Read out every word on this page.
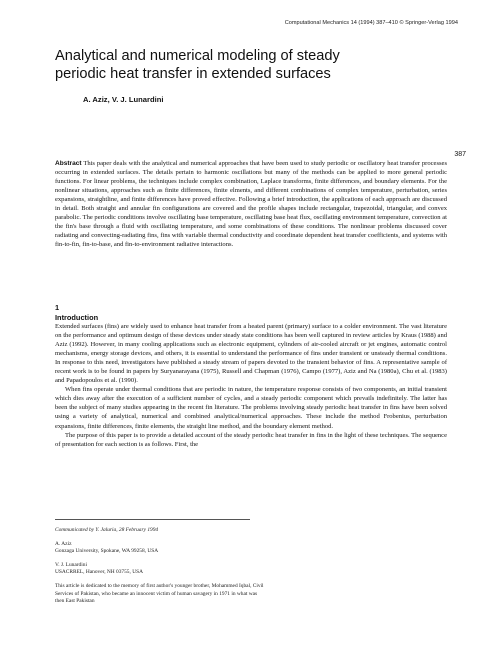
Computational Mechanics 14 (1994) 387–410 © Springer-Verlag 1994
Analytical and numerical modeling of steady periodic heat transfer in extended surfaces
A. Aziz, V. J. Lunardini
387

Abstract This paper deals with the analytical and numerical approaches that have been used to study periodic or oscillatory heat transfer processes occurring in extended surfaces. The details pertain to harmonic oscillations but many of the methods can be applied to more general periodic functions. For linear problems, the techniques include complex combination, Laplace transforms, finite differences, and boundary elements. For the nonlinear situations, approaches such as finite differences, finite elments, and different combinations of complex temperature, perturbation, series expansions, straightline, and finite differences have proved effective. Following a brief introduction, the applications of each approach are discussed in detail. Both straight and annular fin configurations are covered and the profile shapes include rectangular, trapezoidal, triangular, and convex parabolic. The periodic conditions involve oscillating base temperature, oscillating base heat flux, oscillating environment temperature, convection at the fin's base through a fluid with oscillating temperature, and some combinations of these conditions. The nonlinear problems discussed cover radiating and convecting-radiating fins, fins with variable thermal conductivity and coordinate dependent heat transfer coefficients, and systems with fin-to-fin, fin-to-base, and fin-to-environment radiative interactions.

1
Introduction

Extended surfaces (fins) are widely used to enhance heat transfer from a heated parent (primary) surface to a colder environment. The vast literature on the performance and optimum design of these devices under steady state conditions has been well captured in review articles by Kraus (1988) and Aziz (1992). However, in many cooling applications such as electronic equipment, cylinders of air-cooled aircraft or jet engines, automatic control mechanisms, energy storage devices, and others, it is essential to understand the performance of fins under transient or unsteady thermal conditions. In response to this need, investigators have published a steady stream of papers devoted to the transient behavior of fins. A representative sample of recent work is to be found in papers by Suryanarayana (1975), Russell and Chapman (1976), Campo (1977), Aziz and Na (1980a), Chu et al. (1983) and Papadopoulos et al. (1990).

When fins operate under thermal conditions that are periodic in nature, the temperature response consists of two components, an initial transient which dies away after the execution of a sufficient number of cycles, and a steady periodic component which prevails indefinitely. The latter has been the subject of many studies appearing in the recent fin literature. The problems involving steady periodic heat transfer in fins have been solved using a variety of analytical, numerical and combined analytical/numerical approaches. These include the method Frobenius, perturbation expansions, finite differences, finite elements, the straight line method, and the boundary element method.

The purpose of this paper is to provide a detailed account of the steady periodic heat transfer in fins in the light of these techniques. The sequence of presentation for each section is as follows. First, the

Communicated by Y. Jaluria, 28 February 1994
A. Aziz
Gonzaga University, Spokane, WA 99258, USA
V. J. Lunardini
USACRREL, Hanover, NH 03755, USA
This article is dedicated to the memory of first author's younger brother, Mohammed Iqbal, Civil Services of Pakistan, who became an innocent victim of human savagery in 1971 in what was then East Pakistan
